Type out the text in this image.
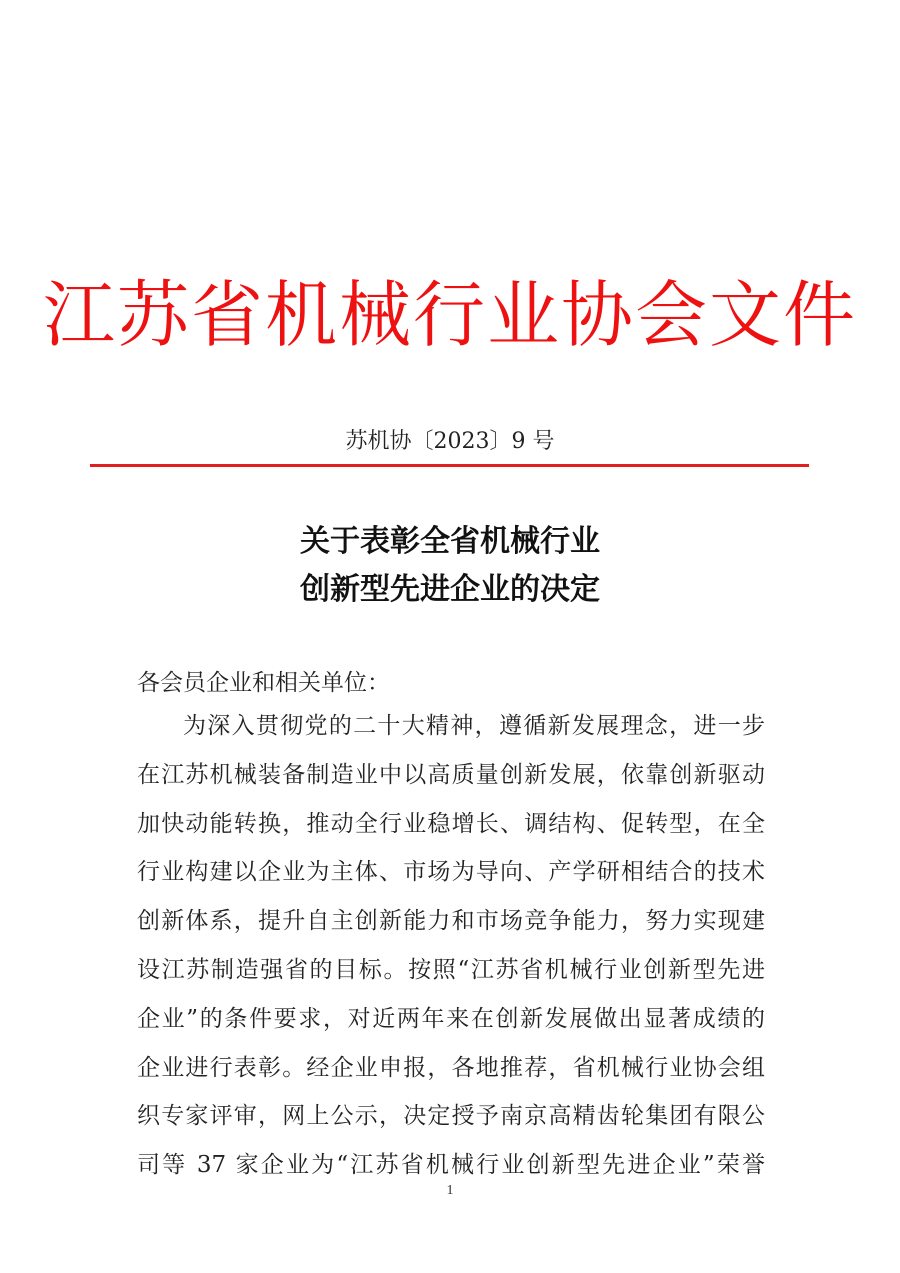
江苏省机械行业协会文件
苏机协〔2023〕9 号
关于表彰全省机械行业
创新型先进企业的决定
各会员企业和相关单位：
为深入贯彻党的二十大精神，遵循新发展理念，进一步
在江苏机械装备制造业中以高质量创新发展，依靠创新驱动
加快动能转换，推动全行业稳增长、调结构、促转型，在全
行业构建以企业为主体、市场为导向、产学研相结合的技术
创新体系，提升自主创新能力和市场竞争能力，努力实现建
设江苏制造强省的目标。按照“江苏省机械行业创新型先进
企业”的条件要求，对近两年来在创新发展做出显著成绩的
企业进行表彰。经企业申报，各地推荐，省机械行业协会组
织专家评审，网上公示，决定授予南京高精齿轮集团有限公
司等 37 家企业为“江苏省机械行业创新型先进企业”荣誉
1
